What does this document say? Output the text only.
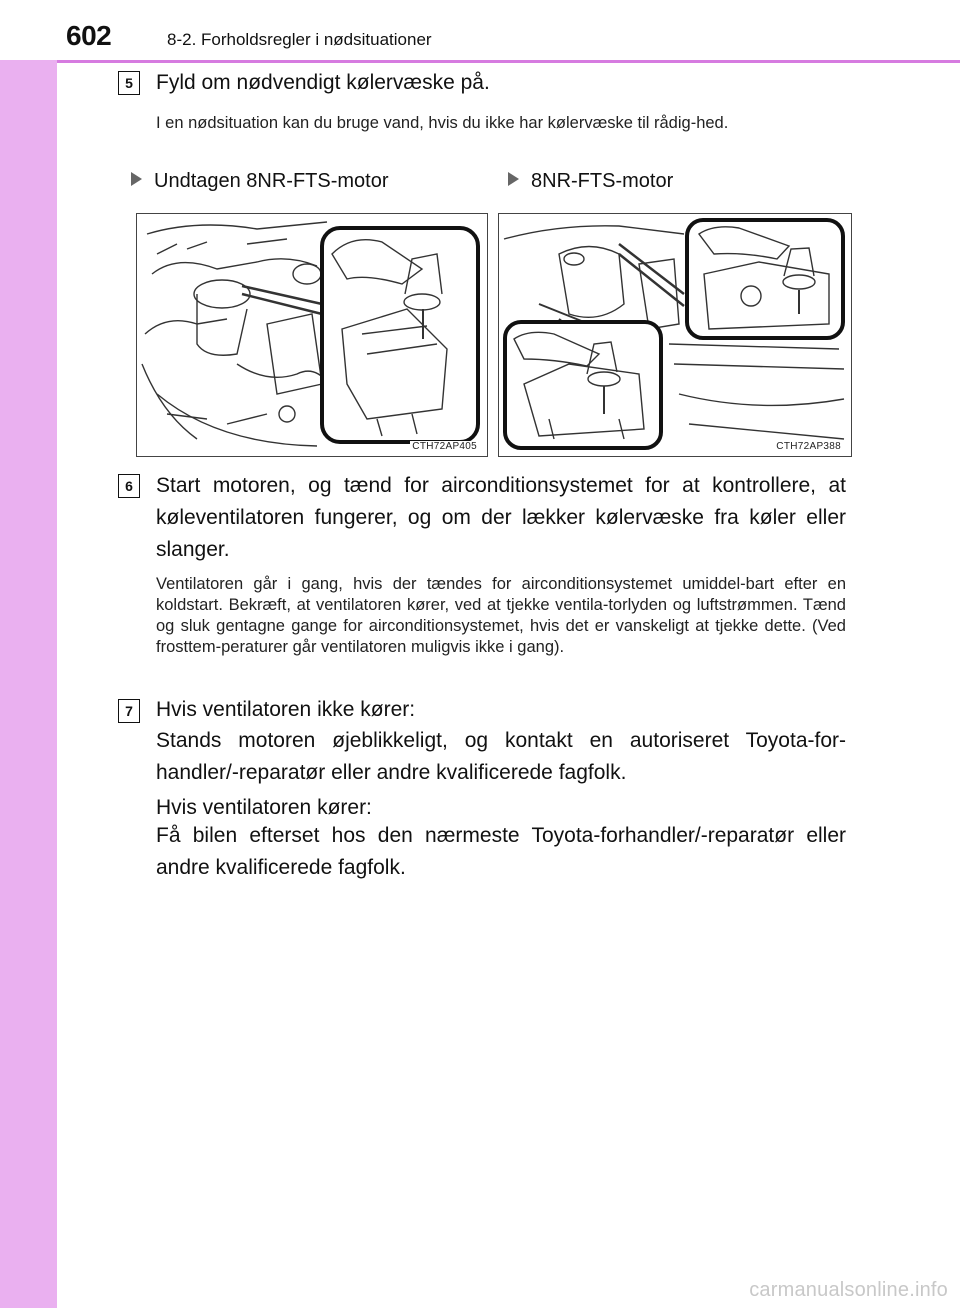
602	8-2. Forholdsregler i nødsituationer
5	Fyld om nødvendigt kølervæske på.
I en nødsituation kan du bruge vand, hvis du ikke har kølervæske til rådig-hed.
Undtagen 8NR-FTS-motor	8NR-FTS-motor
CTH72AP405	CTH72AP388
6	Start motoren, og tænd for airconditionsystemet for at kontrollere, at køleventilatoren fungerer, og om der lækker kølervæske fra køler eller slanger.
Ventilatoren går i gang, hvis der tændes for airconditionsystemet umiddel-bart efter en koldstart. Bekræft, at ventilatoren kører, ved at tjekke ventila-torlyden og luftstrømmen. Tænd og sluk gentagne gange for airconditionsystemet, hvis det er vanskeligt at tjekke dette. (Ved frosttem-peraturer går ventilatoren muligvis ikke i gang).
7	Hvis ventilatoren ikke kører:
Stands motoren øjeblikkeligt, og kontakt en autoriseret Toyota-for-handler/-reparatør eller andre kvalificerede fagfolk.
Hvis ventilatoren kører:
Få bilen efterset hos den nærmeste Toyota-forhandler/-reparatør eller andre kvalificerede fagfolk.
carmanualsonline.info
